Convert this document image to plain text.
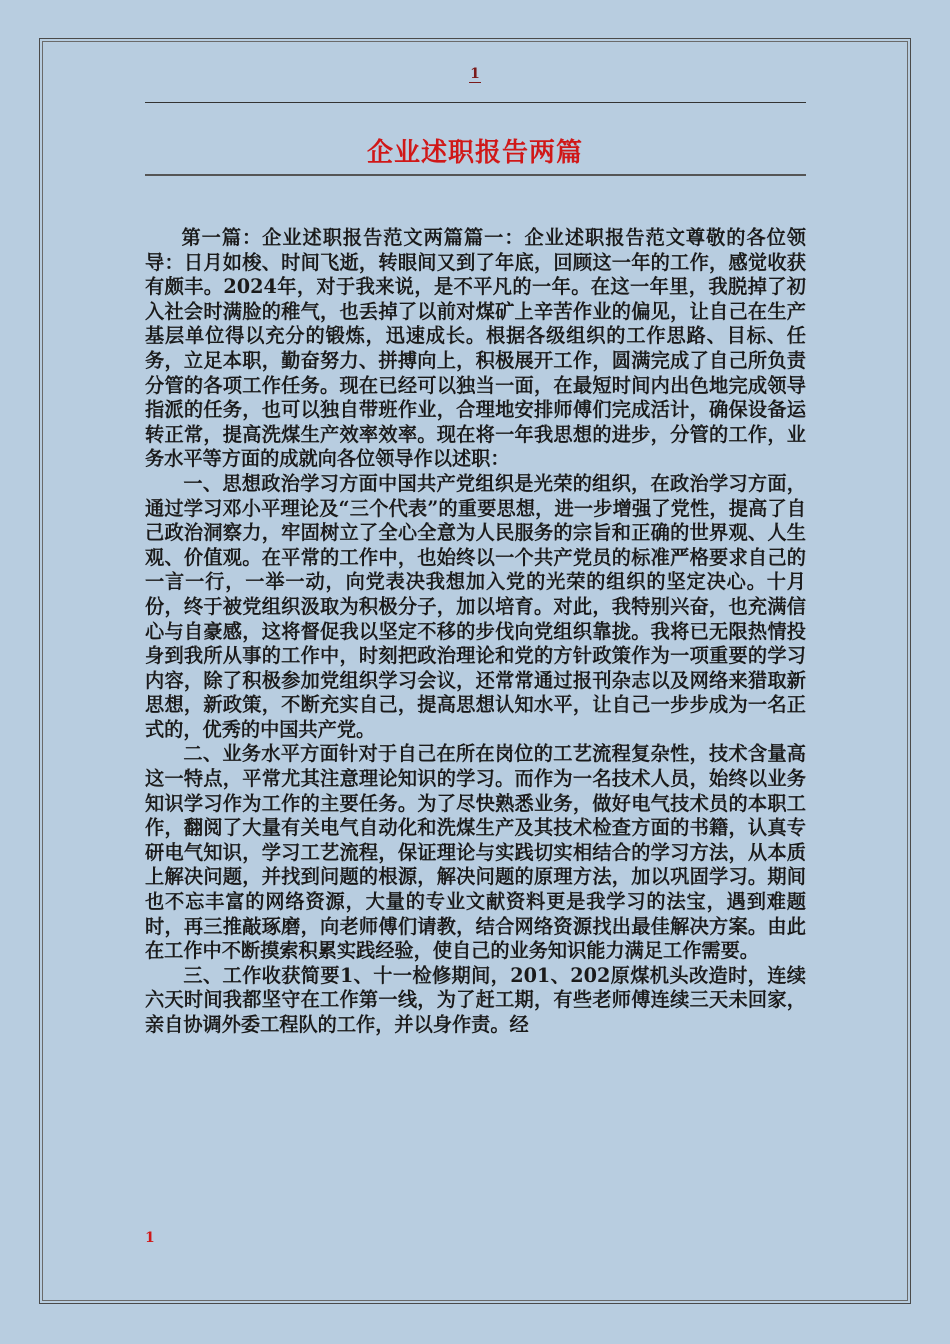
1
企业述职报告两篇

第一篇：企业述职报告范文两篇篇一：企业述职报告范文尊敬的各位领导：日月如梭、时间飞逝，转眼间又到了年底，回顾这一年的工作，感觉收获有颇丰。2024年，对于我来说，是不平凡的一年。在这一年里，我脱掉了初入社会时满脸的稚气，也丢掉了以前对煤矿上辛苦作业的偏见，让自己在生产基层单位得以充分的锻炼，迅速成长。根据各级组织的工作思路、目标、任务，立足本职，勤奋努力、拼搏向上，积极展开工作，圆满完成了自己所负责分管的各项工作任务。现在已经可以独当一面，在最短时间内出色地完成领导指派的任务，也可以独自带班作业，合理地安排师傅们完成活计，确保设备运转正常，提高洗煤生产效率效率。现在将一年我思想的进步，分管的工作，业务水平等方面的成就向各位领导作以述职：

一、思想政治学习方面中国共产党组织是光荣的组织，在政治学习方面，通过学习邓小平理论及“三个代表”的重要思想，进一步增强了党性，提高了自己政治洞察力，牢固树立了全心全意为人民服务的宗旨和正确的世界观、人生观、价值观。在平常的工作中，也始终以一个共产党员的标准严格要求自己的一言一行，一举一动，向党表决我想加入党的光荣的组织的坚定决心。十月份，终于被党组织汲取为积极分子，加以培育。对此，我特别兴奋，也充满信心与自豪感，这将督促我以坚定不移的步伐向党组织靠拢。我将已无限热情投身到我所从事的工作中，时刻把政治理论和党的方针政策作为一项重要的学习内容，除了积极参加党组织学习会议，还常常通过报刊杂志以及网络来猎取新思想，新政策，不断充实自己，提高思想认知水平，让自己一步步成为一名正式的，优秀的中国共产党。

二、业务水平方面针对于自己在所在岗位的工艺流程复杂性，技术含量高这一特点，平常尤其注意理论知识的学习。而作为一名技术人员，始终以业务知识学习作为工作的主要任务。为了尽快熟悉业务，做好电气技术员的本职工作，翻阅了大量有关电气自动化和洗煤生产及其技术检查方面的书籍，认真专研电气知识，学习工艺流程，保证理论与实践切实相结合的学习方法，从本质上解决问题，并找到问题的根源，解决问题的原理方法，加以巩固学习。期间也不忘丰富的网络资源，大量的专业文献资料更是我学习的法宝，遇到难题时，再三推敲琢磨，向老师傅们请教，结合网络资源找出最佳解决方案。由此在工作中不断摸索积累实践经验，使自己的业务知识能力满足工作需要。

三、工作收获简要1、十一检修期间，201、202原煤机头改造时，连续六天时间我都坚守在工作第一线，为了赶工期，有些老师傅连续三天未回家，亲自协调外委工程队的工作，并以身作责。经

1
